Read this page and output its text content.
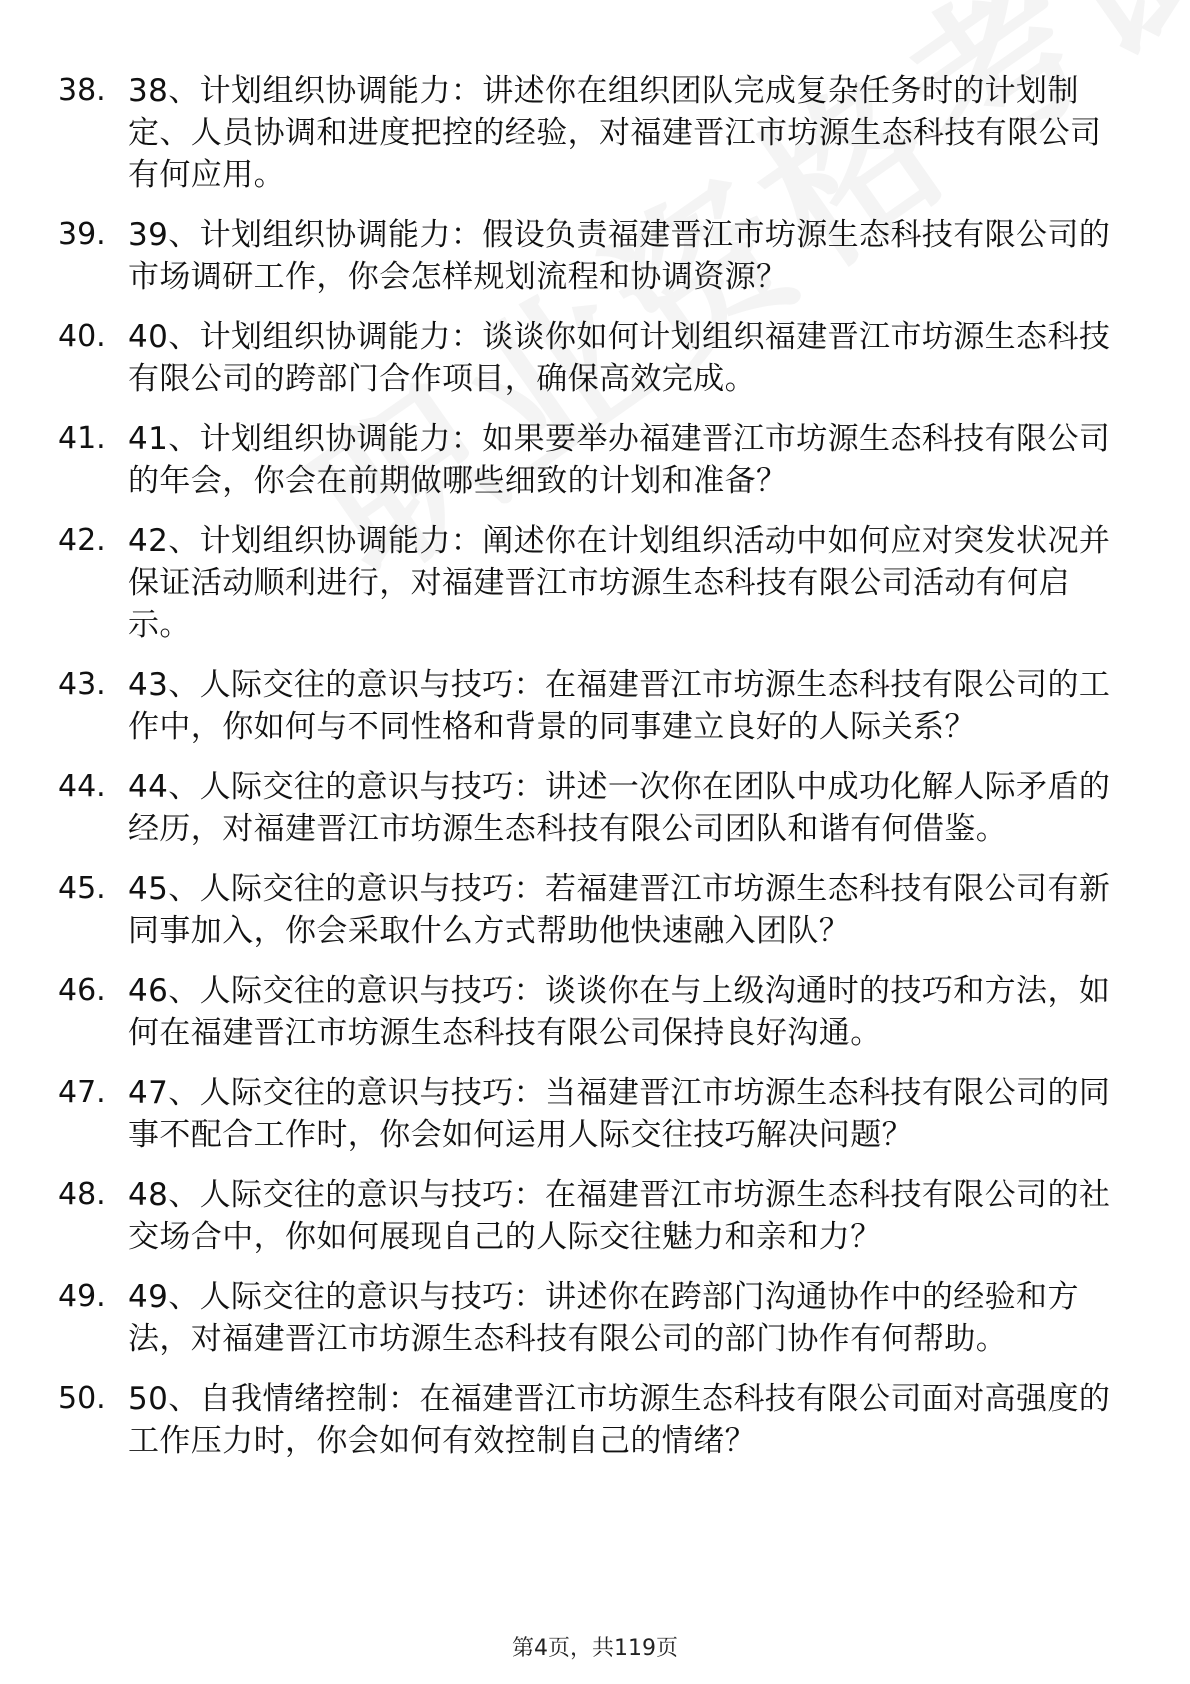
38. 38、计划组织协调能力：讲述你在组织团队完成复杂任务时的计划制定、人员协调和进度把控的经验，对福建晋江市坊源生态科技有限公司有何应用。
39. 39、计划组织协调能力：假设负责福建晋江市坊源生态科技有限公司的市场调研工作，你会怎样规划流程和协调资源？
40. 40、计划组织协调能力：谈谈你如何计划组织福建晋江市坊源生态科技有限公司的跨部门合作项目，确保高效完成。
41. 41、计划组织协调能力：如果要举办福建晋江市坊源生态科技有限公司的年会，你会在前期做哪些细致的计划和准备？
42. 42、计划组织协调能力：阐述你在计划组织活动中如何应对突发状况并保证活动顺利进行，对福建晋江市坊源生态科技有限公司活动有何启示。
43. 43、人际交往的意识与技巧：在福建晋江市坊源生态科技有限公司的工作中，你如何与不同性格和背景的同事建立良好的人际关系？
44. 44、人际交往的意识与技巧：讲述一次你在团队中成功化解人际矛盾的经历，对福建晋江市坊源生态科技有限公司团队和谐有何借鉴。
45. 45、人际交往的意识与技巧：若福建晋江市坊源生态科技有限公司有新同事加入，你会采取什么方式帮助他快速融入团队？
46. 46、人际交往的意识与技巧：谈谈你在与上级沟通时的技巧和方法，如何在福建晋江市坊源生态科技有限公司保持良好沟通。
47. 47、人际交往的意识与技巧：当福建晋江市坊源生态科技有限公司的同事不配合工作时，你会如何运用人际交往技巧解决问题？
48. 48、人际交往的意识与技巧：在福建晋江市坊源生态科技有限公司的社交场合中，你如何展现自己的人际交往魅力和亲和力？
49. 49、人际交往的意识与技巧：讲述你在跨部门沟通协作中的经验和方法，对福建晋江市坊源生态科技有限公司的部门协作有何帮助。
50. 50、自我情绪控制：在福建晋江市坊源生态科技有限公司面对高强度的工作压力时，你会如何有效控制自己的情绪？
第4页，共119页
